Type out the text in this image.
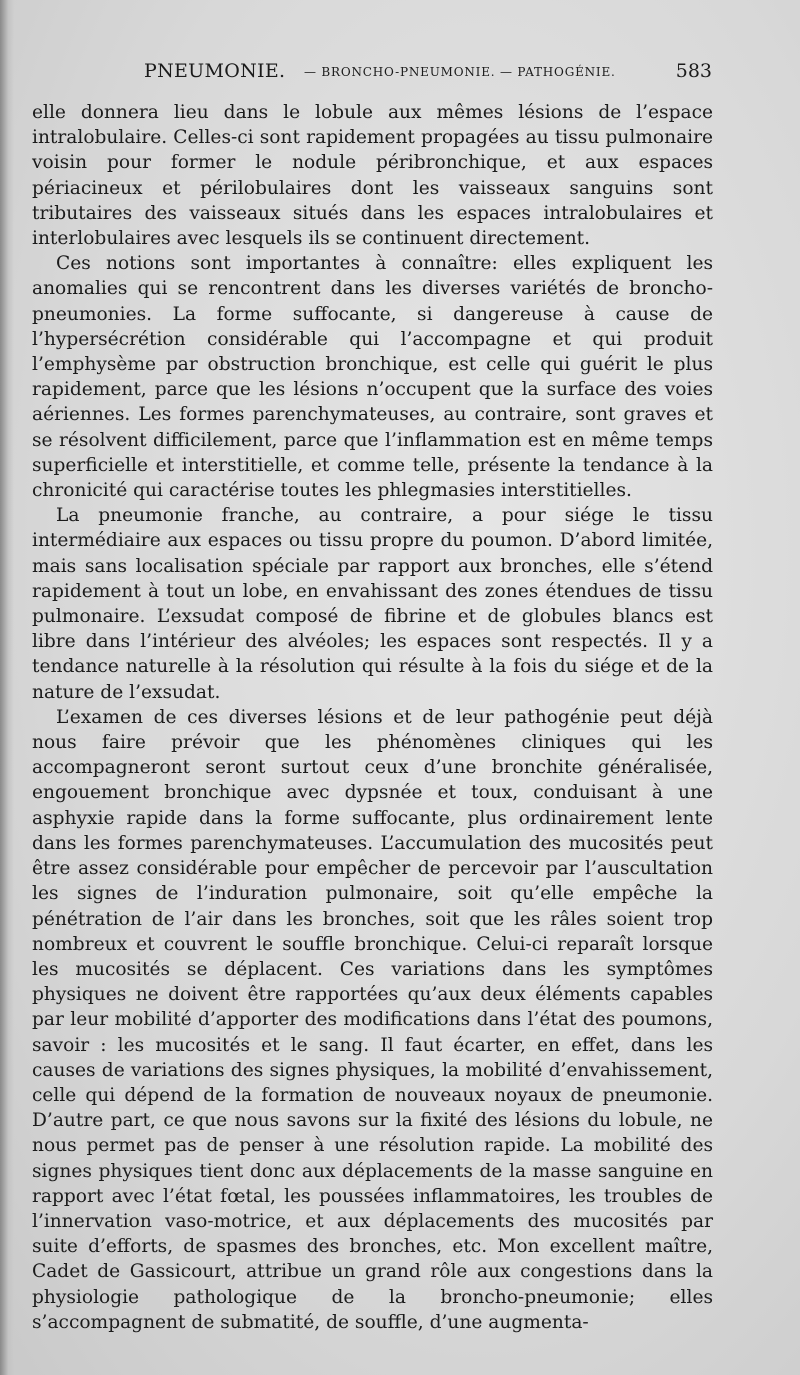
PNEUMONIE. — BRONCHO-PNEUMONIE. — PATHOGÉNIE.	583

elle donnera lieu dans le lobule aux mêmes lésions de l’espace intralobulaire. Celles-ci sont rapidement propagées au tissu pulmonaire voisin pour former le nodule péribronchique, et aux espaces périacineux et périlobulaires dont les vaisseaux sanguins sont tributaires des vaisseaux situés dans les espaces intralobulaires et interlobulaires avec lesquels ils se continuent directement.

Ces notions sont importantes à connaître: elles expliquent les anomalies qui se rencontrent dans les diverses variétés de broncho-pneumonies. La forme suffocante, si dangereuse à cause de l’hypersécrétion considérable qui l’accompagne et qui produit l’emphysème par obstruction bronchique, est celle qui guérit le plus rapidement, parce que les lésions n’occupent que la surface des voies aériennes. Les formes parenchymateuses, au contraire, sont graves et se résolvent difficilement, parce que l’inflammation est en même temps superficielle et interstitielle, et comme telle, présente la tendance à la chronicité qui caractérise toutes les phlegmasies interstitielles.

La pneumonie franche, au contraire, a pour siége le tissu intermédiaire aux espaces ou tissu propre du poumon. D’abord limitée, mais sans localisation spéciale par rapport aux bronches, elle s’étend rapidement à tout un lobe, en envahissant des zones étendues de tissu pulmonaire. L’exsudat composé de fibrine et de globules blancs est libre dans l’intérieur des alvéoles; les espaces sont respectés. Il y a tendance naturelle à la résolution qui résulte à la fois du siége et de la nature de l’exsudat.

L’examen de ces diverses lésions et de leur pathogénie peut déjà nous faire prévoir que les phénomènes cliniques qui les accompagneront seront surtout ceux d’une bronchite généralisée, engouement bronchique avec dypsnée et toux, conduisant à une asphyxie rapide dans la forme suffocante, plus ordinairement lente dans les formes parenchymateuses. L’accumulation des mucosités peut être assez considérable pour empêcher de percevoir par l’auscultation les signes de l’induration pulmonaire, soit qu’elle empêche la pénétration de l’air dans les bronches, soit que les râles soient trop nombreux et couvrent le souffle bronchique. Celui-ci reparaît lorsque les mucosités se déplacent. Ces variations dans les symptômes physiques ne doivent être rapportées qu’aux deux éléments capables par leur mobilité d’apporter des modifications dans l’état des poumons, savoir : les mucosités et le sang. Il faut écarter, en effet, dans les causes de variations des signes physiques, la mobilité d’envahissement, celle qui dépend de la formation de nouveaux noyaux de pneumonie. D’autre part, ce que nous savons sur la fixité des lésions du lobule, ne nous permet pas de penser à une résolution rapide. La mobilité des signes physiques tient donc aux déplacements de la masse sanguine en rapport avec l’état fœtal, les poussées inflammatoires, les troubles de l’innervation vaso-motrice, et aux déplacements des mucosités par suite d’efforts, de spasmes des bronches, etc. Mon excellent maître, Cadet de Gassicourt, attribue un grand rôle aux congestions dans la physiologie pathologique de la broncho-pneumonie; elles s’accompagnent de submatité, de souffle, d’une augmenta-
